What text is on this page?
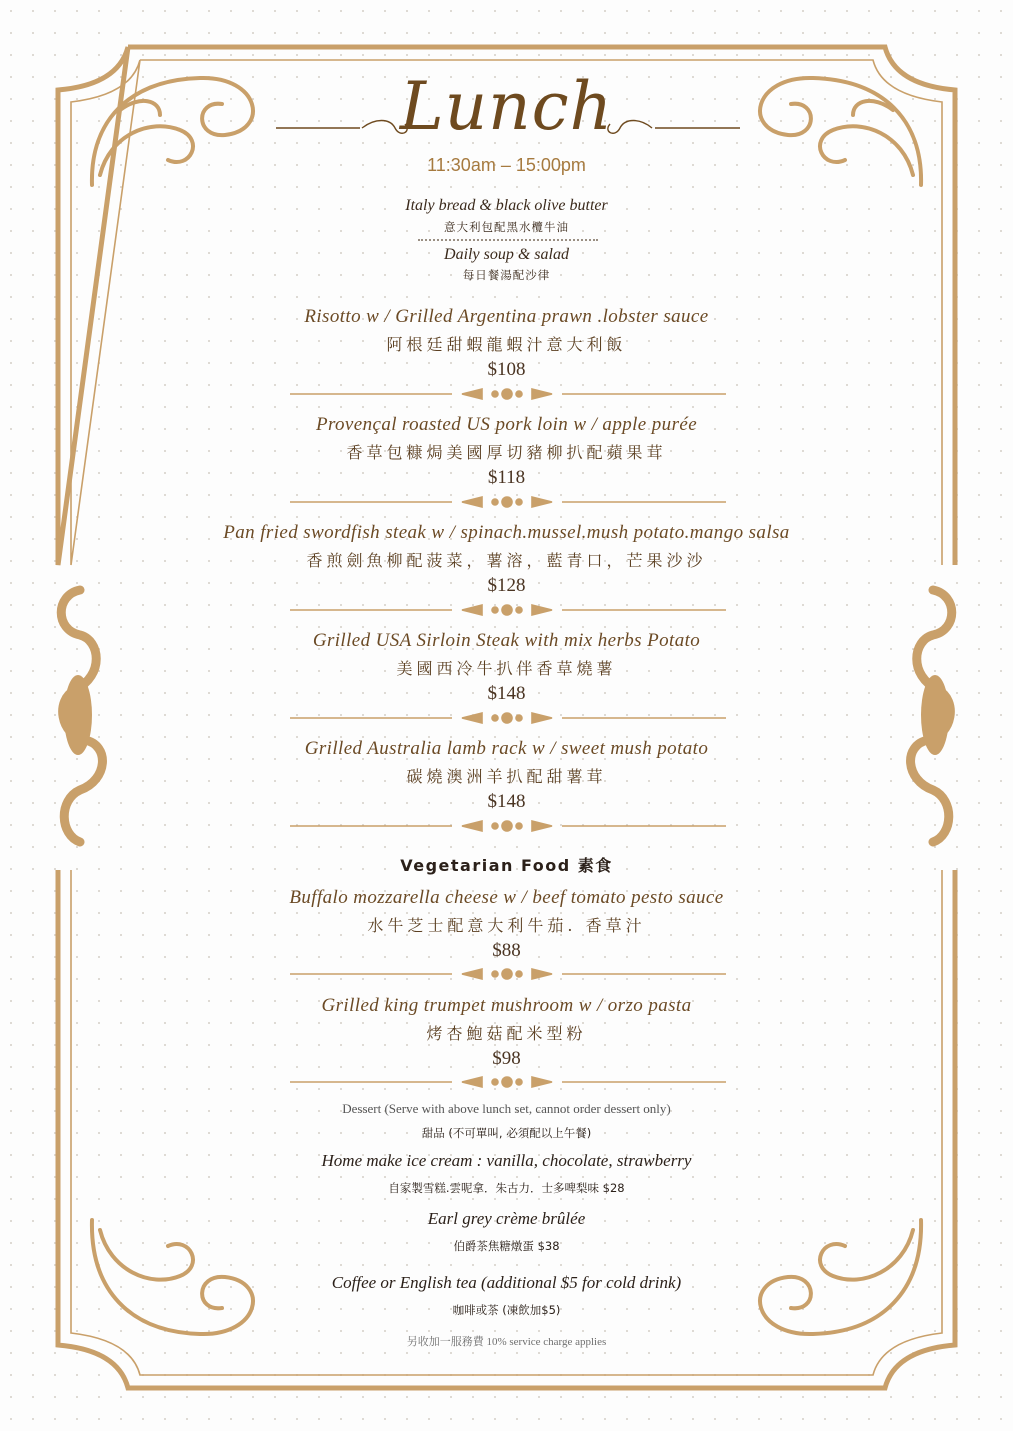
Lunch
11:30am – 15:00pm
Italy bread & black olive butter
意大利包配黑水欖牛油
Daily soup & salad
每日餐湯配沙律
Risotto w / Grilled Argentina prawn .lobster sauce
阿根廷甜蝦龍蝦汁意大利飯
$108
Provençal roasted US pork loin w / apple purée
香草包糠焗美國厚切豬柳扒配蘋果茸
$118
Pan fried swordfish steak w / spinach.mussel.mush potato.mango salsa
香煎劍魚柳配菠菜，薯溶，藍青口，芒果沙沙
$128
Grilled USA Sirloin Steak with mix herbs Potato
美國西冷牛扒伴香草燒薯
$148
Grilled Australia lamb rack w / sweet mush potato
碳燒澳洲羊扒配甜薯茸
$148
Vegetarian Food 素食
Buffalo mozzarella cheese w / beef tomato pesto sauce
水牛芝士配意大利牛茄. 香草汁
$88
Grilled king trumpet mushroom w / orzo pasta
烤杏鮑菇配米型粉
$98
Dessert (Serve with above lunch set, cannot order dessert only)
甜品 (不可單叫, 必須配以上午餐)
Home make ice cream : vanilla, chocolate, strawberry
自家製雪糕.雲呢拿．朱古力．士多啤梨味 $28
Earl grey crème brûlée
伯爵茶焦糖燉蛋 $38
Coffee or English tea (additional $5 for cold drink)
咖啡或茶 (凍飲加$5)
另收加一服務費 10% service charge applies
